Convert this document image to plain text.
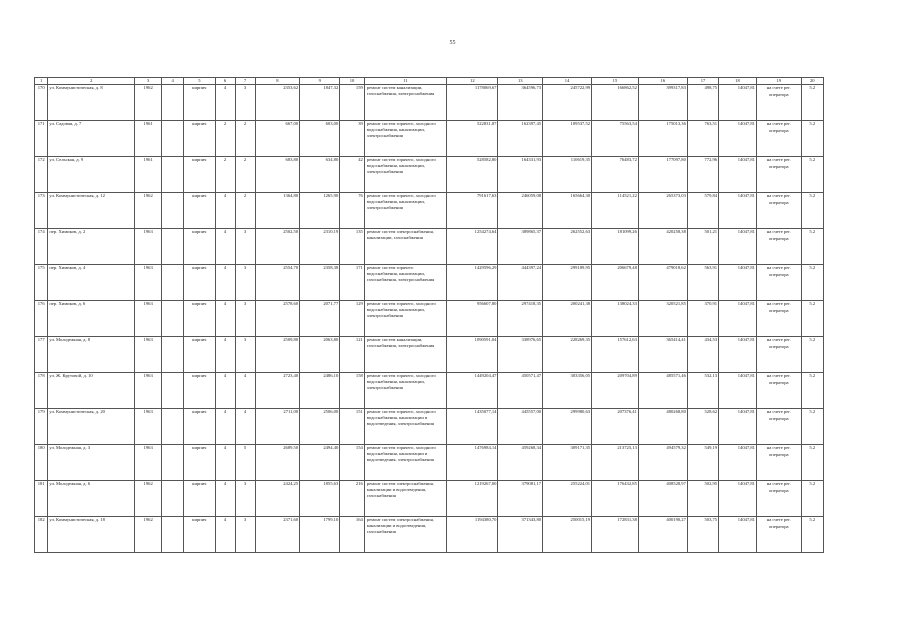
55
1	2	3	4	5	6	7	8	9	10	11	12	13	14	15	16	17	18	19	20
170	ул. Коммунистическая, д. 8	1962		кирпич	4	3	2353,62	1847,32	159	ремонт систем канализации, газоснабжения, электроснабжения	1178069,67	364596,73	245722,99	166862,52	399317,83	498,75	14047,81	на счете рег. оператора	5.2
171	ул. Садовая, д. 7	1961		кирпич	2	2	667,00	603,00	39	ремонт систем горячего, холодного водоснабжения, канализации, электроснабжения	522831,87	162397,45	109537,52	75563,54	175013,36	763,51	14047,81	на счете рег. оператора	5.2
172	ул. Сельская, д. 9	1961		кирпич	2	2	683,80	634,80	42	ремонт систем горячего, холодного водоснабжения, канализации, электроснабжения	528582,80	164331,93	110619,35	76483,72	177097,80	772,96	14047,81	на счете рег. оператора	5.2
173	ул. Коммунистическая, д. 12	1962		кирпич	4	2	1364,80	1265,90	76	ремонт систем горячего, холодного водоснабжения, канализации, электроснабжения	791617,63	246059,08	165664,30	114521,22	265373,03	579,84	14047,81	на счете рег. оператора	5.2
174	пер. Химиков, д. 2	1963		кирпич	4	3	2502,50	2310,19	135	ремонт систем электроснабжения, канализации, газоснабжения	1254274,64	389865,37	262552,63	181099,26	420258,38	501,21	14047,81	на счете рег. оператора	5.2
175	пер. Химиков, д. 4	1963		кирпич	4	3	2554,70	2358,38	171	ремонт систем горячего водоснабжения, канализации, газоснабжения, электроснабжения	1429596,29	444397,24	299189,95	206679,48	479018,62	563,91	14047,81	на счете рег. оператора	5.2
176	пер. Химиков, д. 6	1963		кирпич	4	3	2578,60	2071,77	129	ремонт систем горячего, холодного водоснабжения, канализации, электроснабжения	956607,80	297418,35	200241,38	138024,33	320521,85	370,91	14047,81	на счете рег. оператора	5.2
177	ул. Молодежная, д. 8	1963		кирпич	4	3	2509,80	2063,80	121	ремонт систем канализации, газоснабжения, электроснабжения	1090591,04	338976,65	228269,35	157612,63	365414,41	434,53	14047,81	на счете рег. оператора	5.2
178	ул. Ж. Крутовой, д. 10	1963		кирпич	4	4	2723,40	2486,10	158	ремонт систем горячего, холодного водоснабжения, канализации, электроснабжения	1449204,47	450571,47	303356,05	209704,89	485571,46	532,13	14047,81	на счете рег. оператора	5.2
179	ул. Коммунистическая, д. 20	1963		кирпич	4	4	2711,00	2506,00	151	ремонт систем горячего, холодного водоснабжения, канализации и водоотведения, электроснабжения	1435077,14	445557,00	299980,63	207376,41	480268,80	528,62	14047,81	на счете рег. оператора	5.2
180	ул. Молодежная, д. 3	1963		кирпич	4	5	2689,50	2494,40	154	ремонт систем горячего, холодного водоснабжения, канализации и водоотведения, электроснабжения	1476984,14	459268,34	309171,35	213725,13	494579,32	549,19	14047,81	на счете рег. оператора	5.2
181	ул. Молодежная, д. 6	1962		кирпич	4	3	2424,25	1855,63	216	ремонт систем электроснабжения, канализации и водоотведения, газоснабжения	1219267,00	379081,17	255224,01	176432,85	408528,97	502,95	14047,81	на счете рег. оператора	5.2
182	ул. Коммунистическая, д. 18	1962		кирпич	4	3	2371,60	1799,10	164	ремонт систем электроснабжения, канализации и водоотведения, газоснабжения	1194380,70	371343,80	250015,19	172831,38	400190,27	503,75	14047,81	на счете рег. оператора	5.2
